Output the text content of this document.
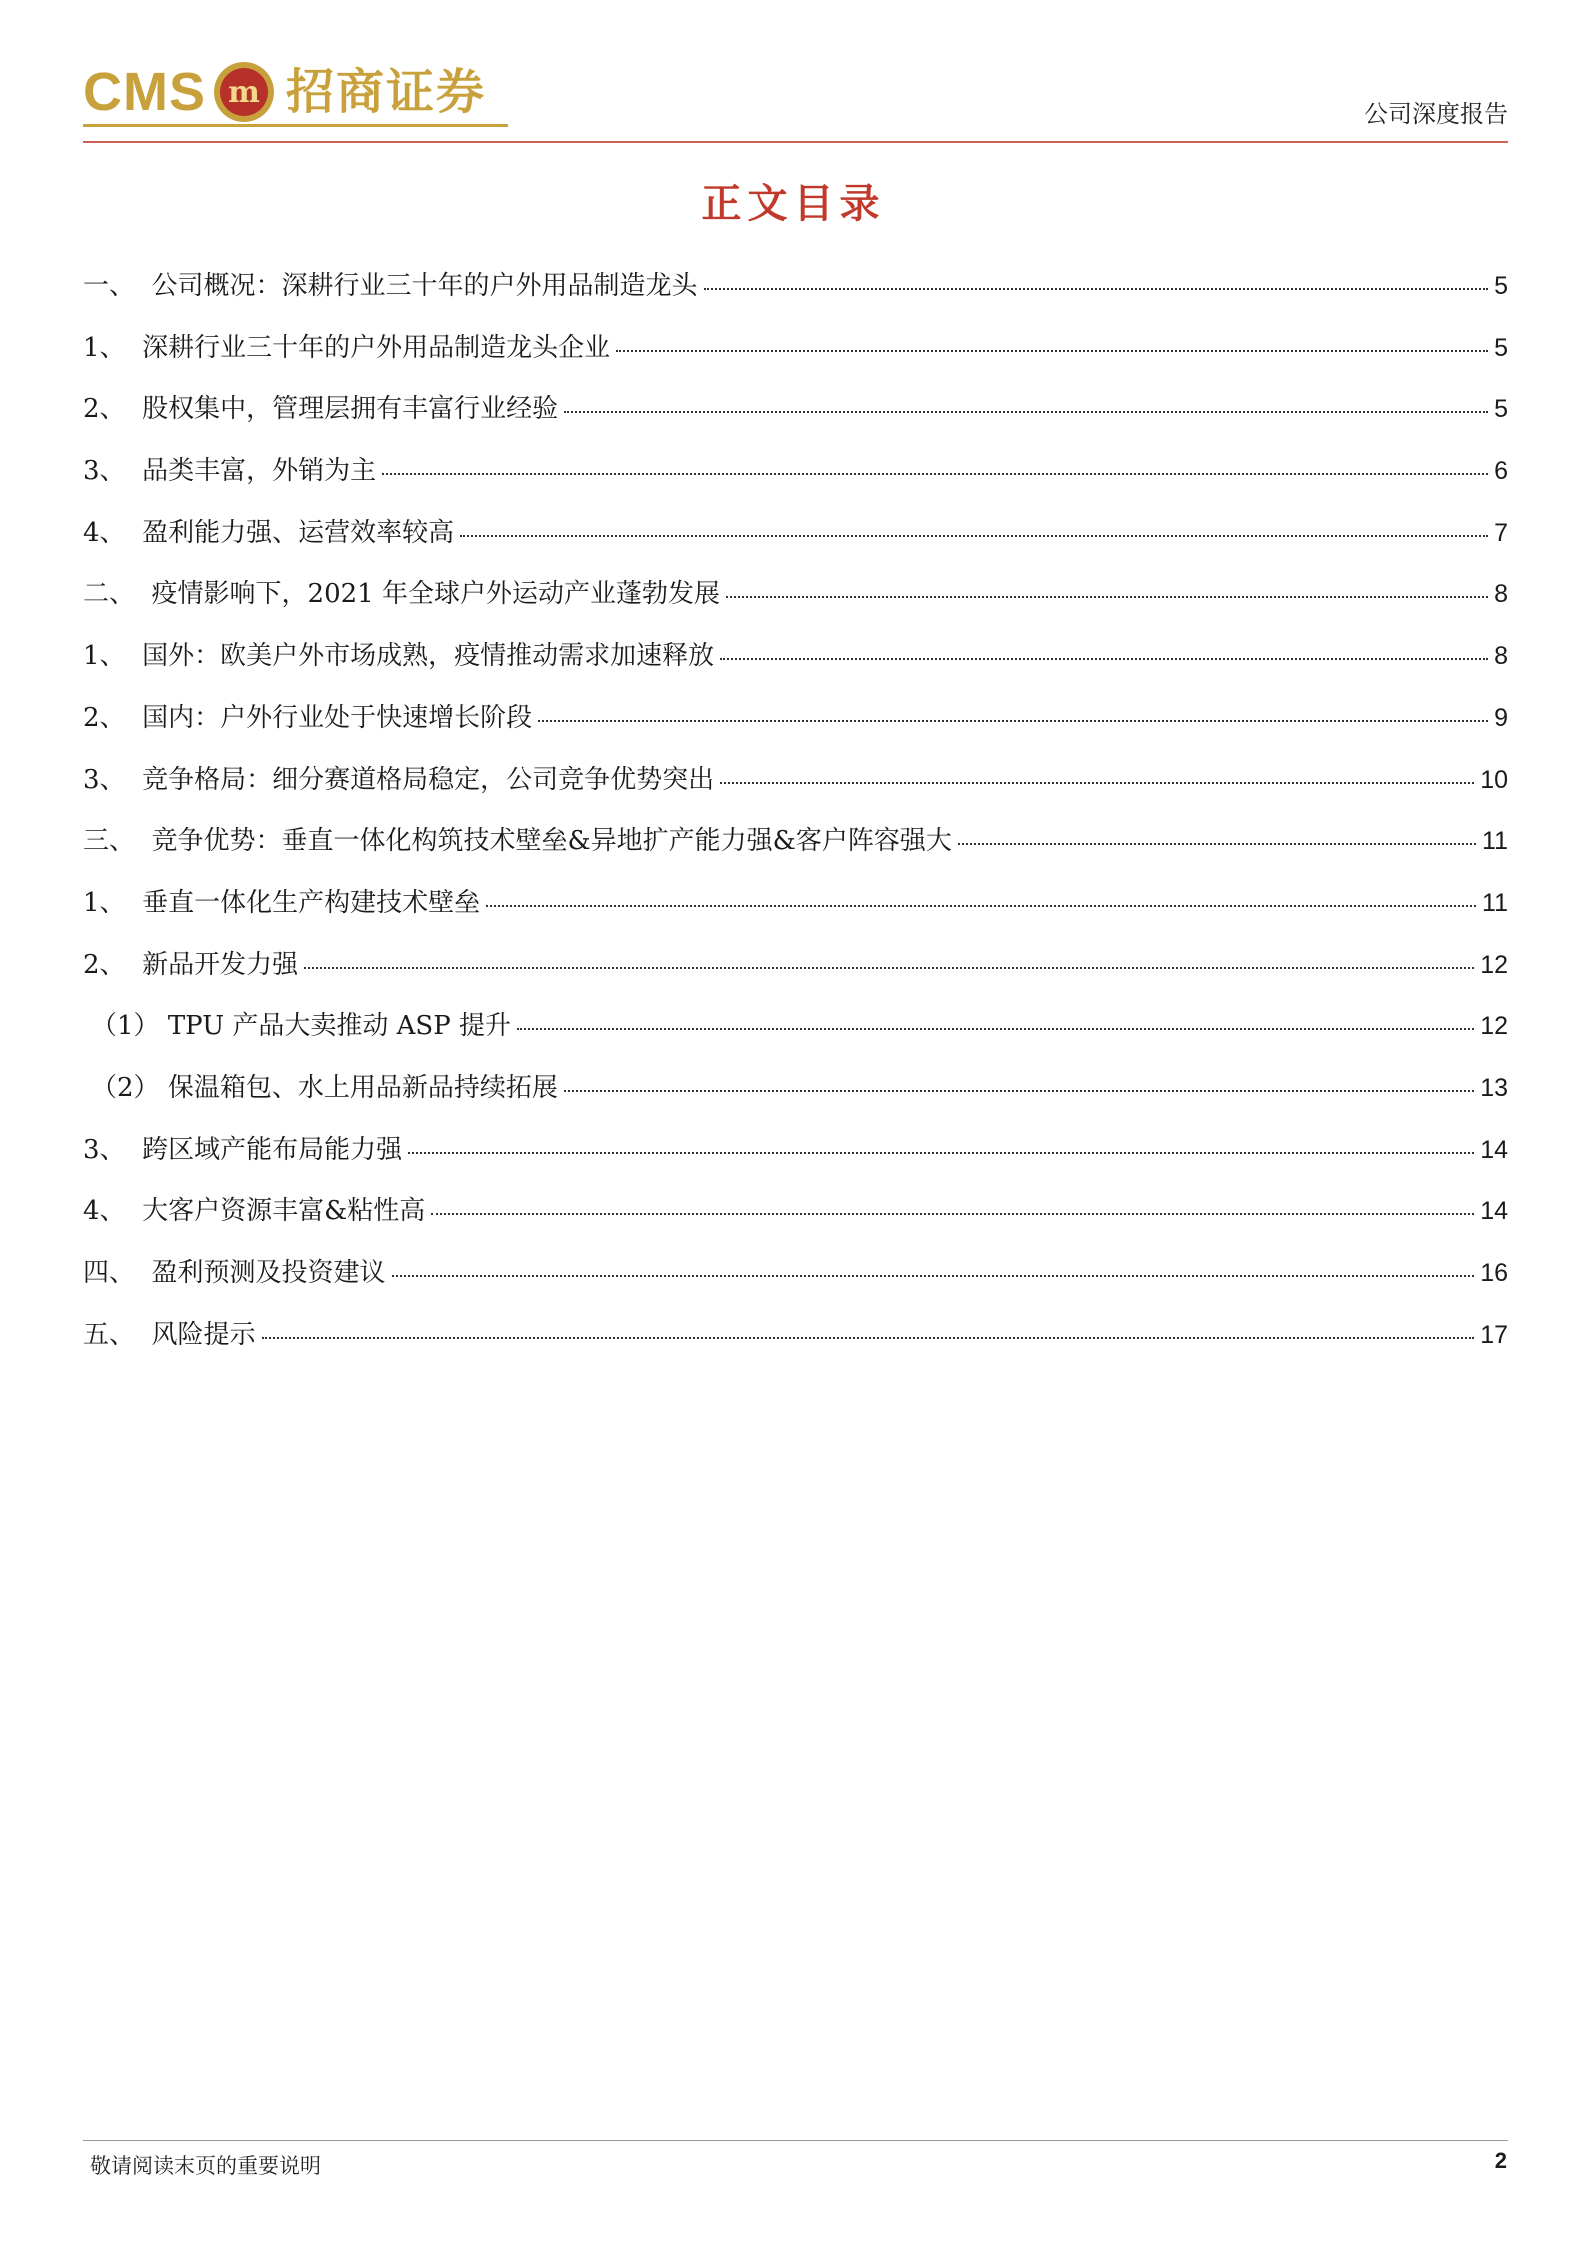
CMS m 招商证券	公司深度报告
正文目录
一、 公司概况：深耕行业三十年的户外用品制造龙头	5
1、 深耕行业三十年的户外用品制造龙头企业	5
2、 股权集中，管理层拥有丰富行业经验	5
3、 品类丰富，外销为主	6
4、 盈利能力强、运营效率较高	7
二、 疫情影响下，2021 年全球户外运动产业蓬勃发展	8
1、 国外：欧美户外市场成熟，疫情推动需求加速释放	8
2、 国内：户外行业处于快速增长阶段	9
3、 竞争格局：细分赛道格局稳定，公司竞争优势突出	10
三、 竞争优势：垂直一体化构筑技术壁垒&异地扩产能力强&客户阵容强大	11
1、 垂直一体化生产构建技术壁垒	11
2、 新品开发力强	12
（1） TPU 产品大卖推动 ASP 提升	12
（2） 保温箱包、水上用品新品持续拓展	13
3、 跨区域产能布局能力强	14
4、 大客户资源丰富&粘性高	14
四、 盈利预测及投资建议	16
五、 风险提示	17
敬请阅读末页的重要说明	2
